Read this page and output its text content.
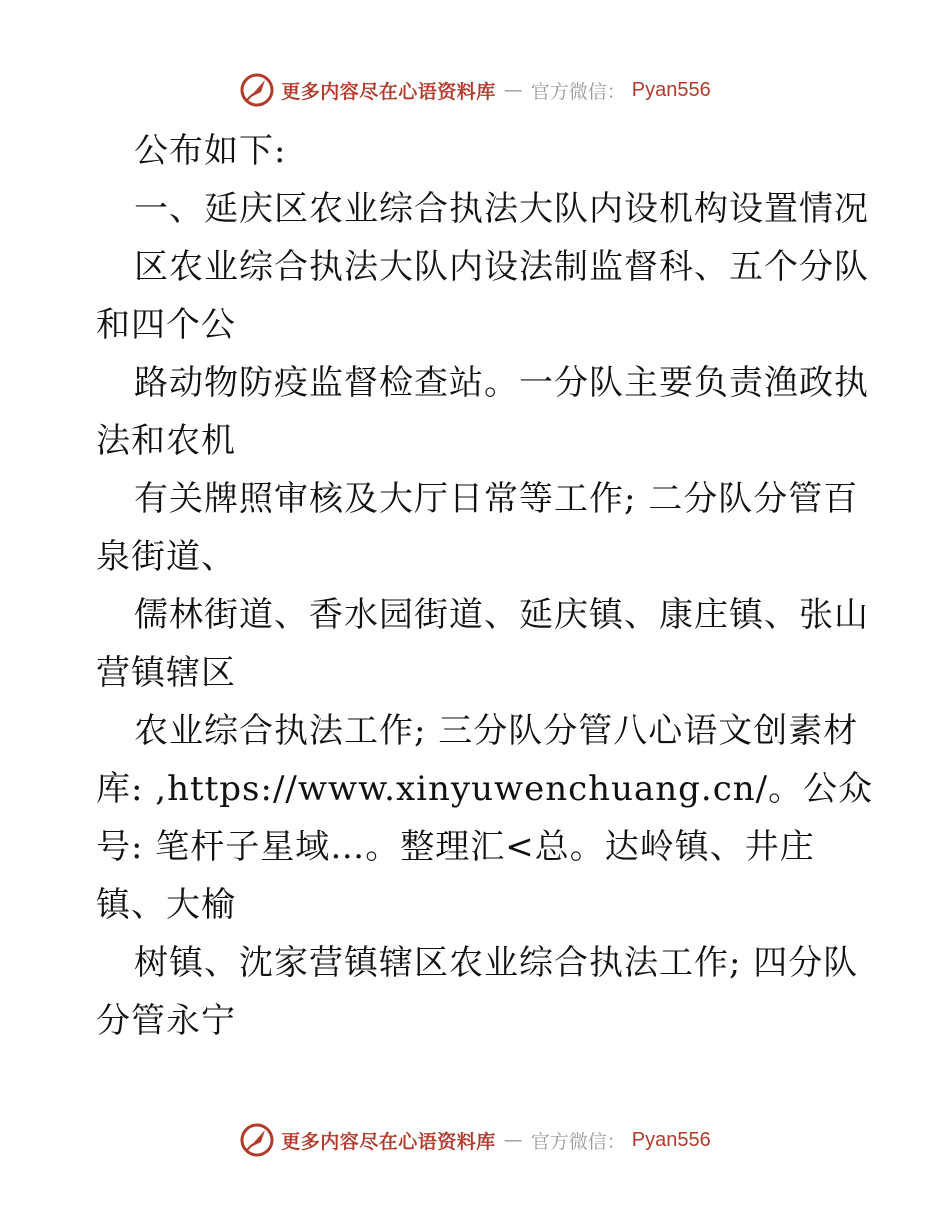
更多内容尽在心语资料库 — 官方微信： Pyan556
公布如下:
一、延庆区农业综合执法大队内设机构设置情况
区农业综合执法大队内设法制监督科、五个分队
和四个公
路动物防疫监督检查站。一分队主要负责渔政执
法和农机
有关牌照审核及大厅日常等工作; 二分队分管百
泉街道、
儒林街道、香水园街道、延庆镇、康庄镇、张山
营镇辖区
农业综合执法工作; 三分队分管八心语文创素材
库: ,https://www.xinyuwenchuang.cn/。公众
号: 笔杆子星域…。整理汇<总。达岭镇、井庄
镇、大榆
树镇、沈家营镇辖区农业综合执法工作; 四分队
分管永宁
更多内容尽在心语资料库 — 官方微信： Pyan556
